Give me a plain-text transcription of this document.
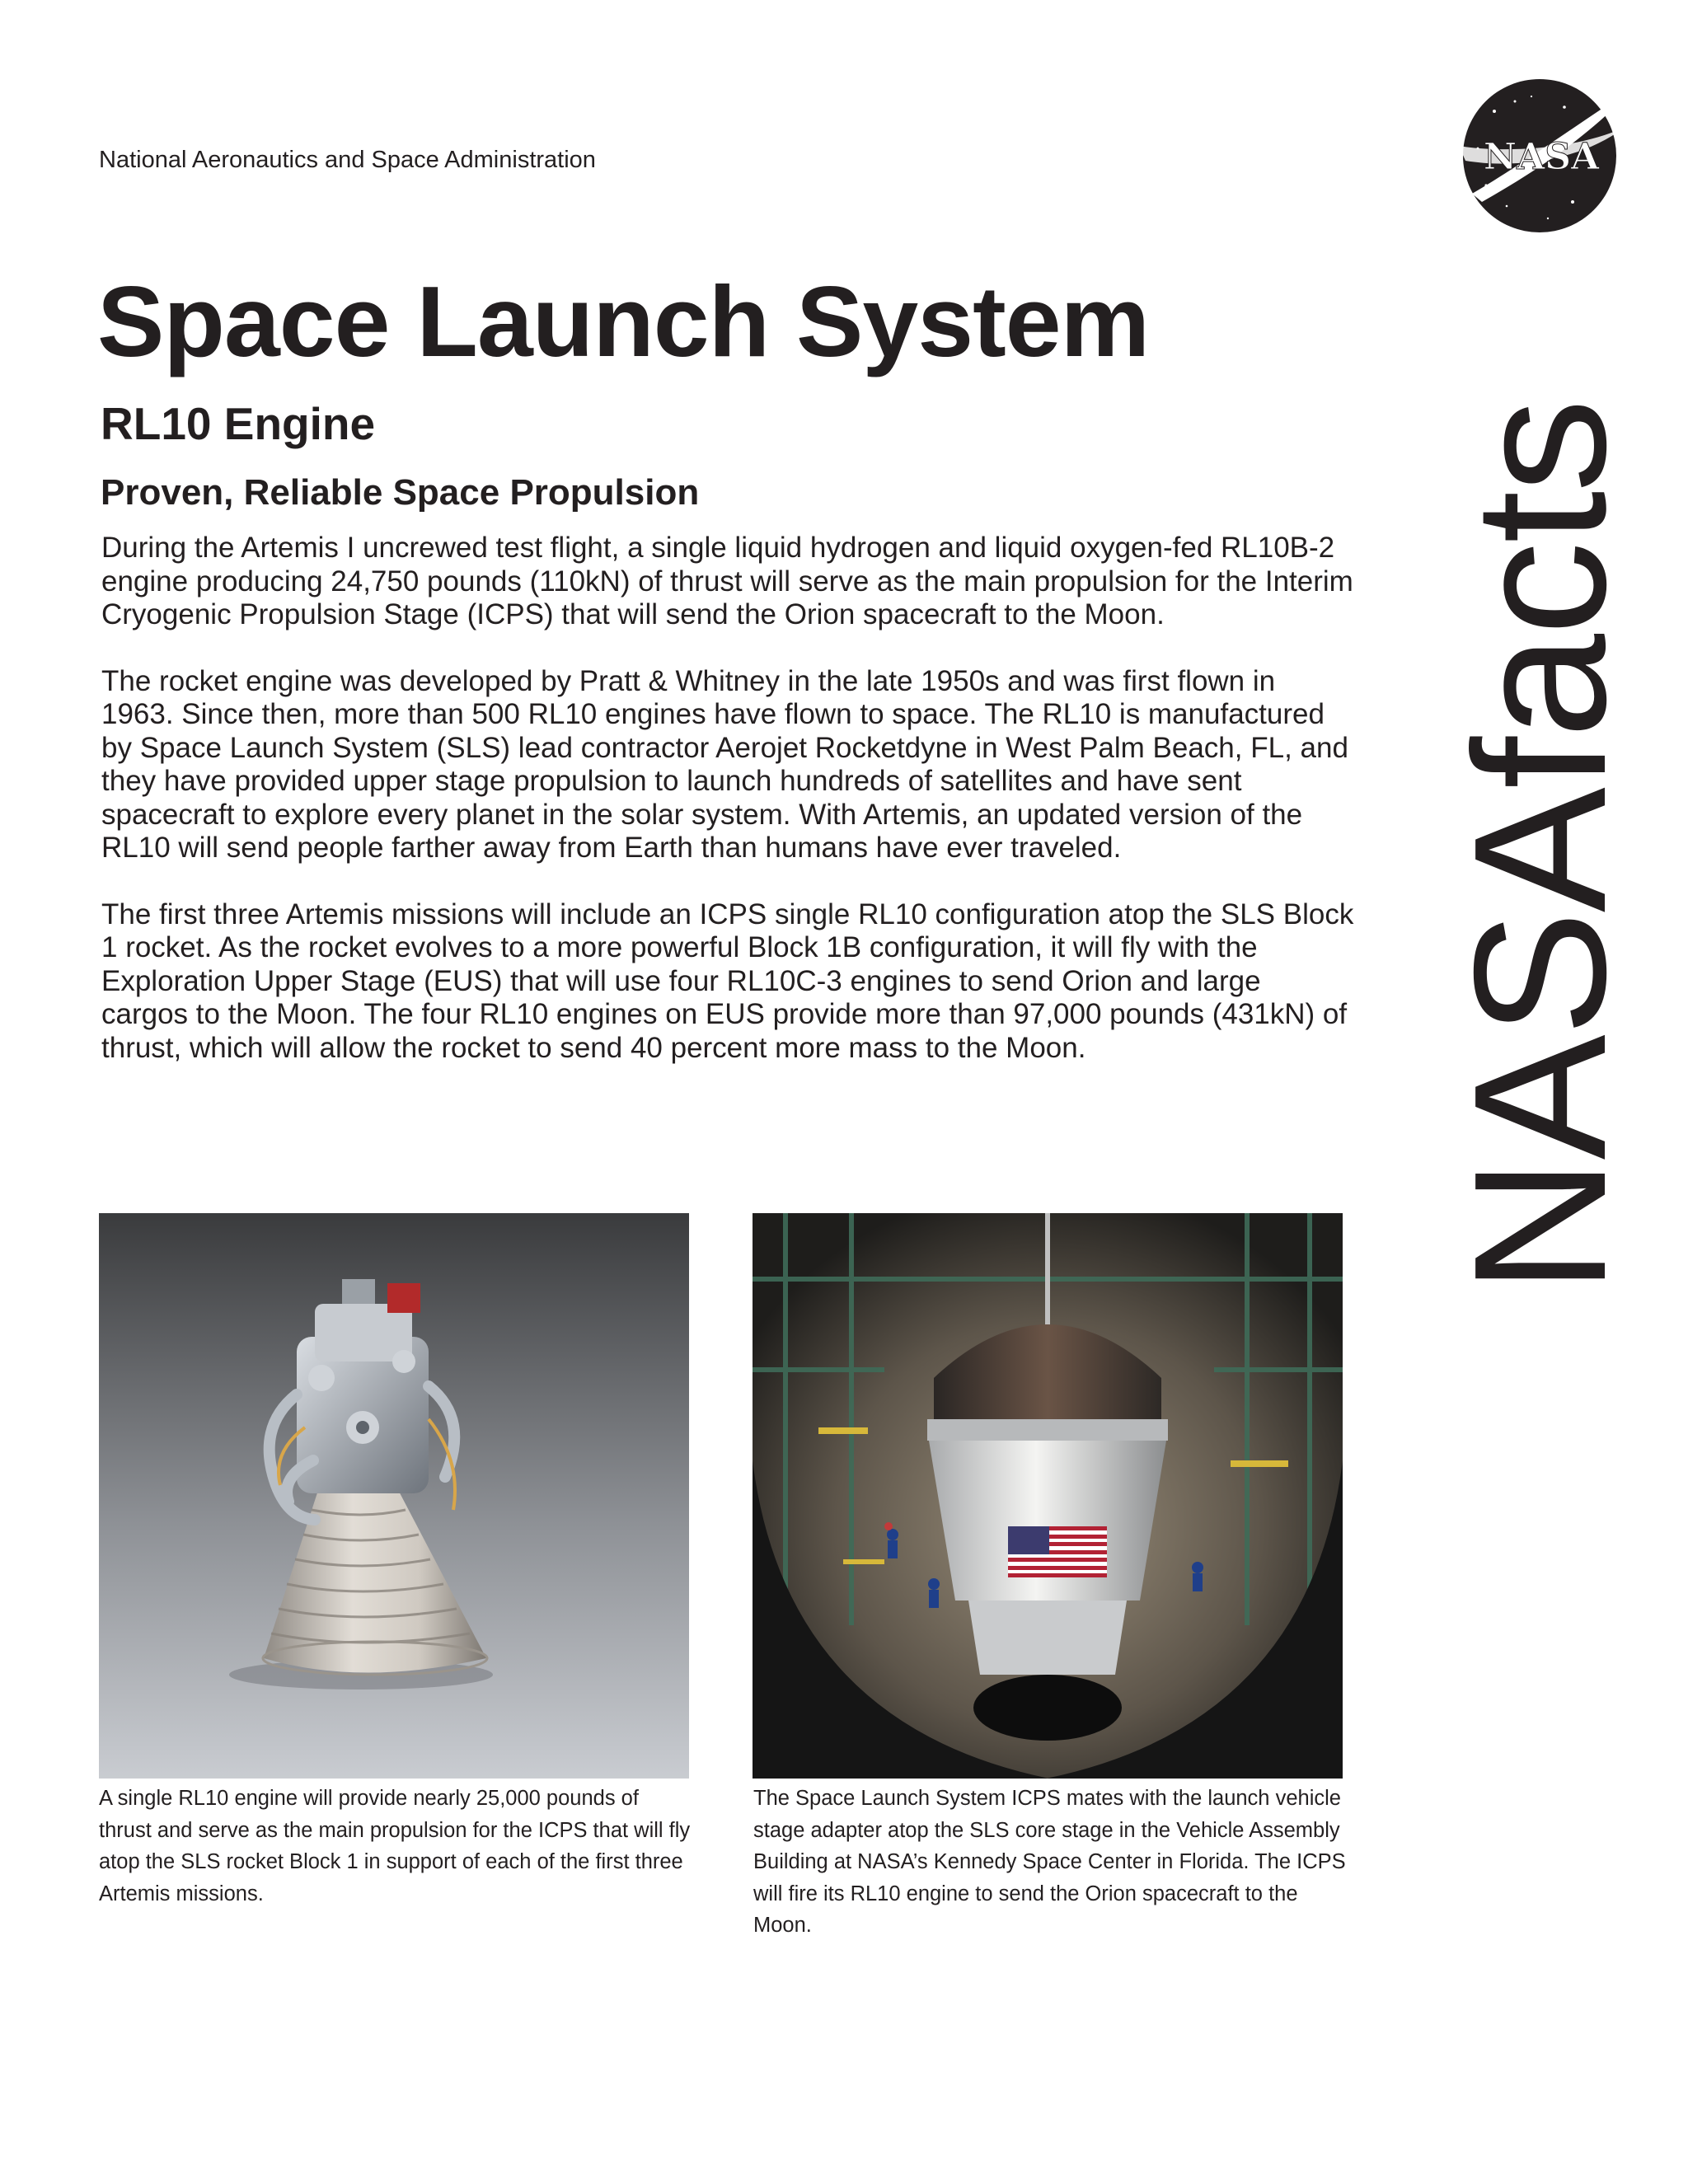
National Aeronautics and Space Administration	NASA
Space Launch System
RL10 Engine
Proven, Reliable Space Propulsion

During the Artemis I uncrewed test flight, a single liquid hydrogen and liquid oxygen-fed RL10B-2 engine producing 24,750 pounds (110kN) of thrust will serve as the main propulsion for the Interim Cryogenic Propulsion Stage (ICPS) that will send the Orion spacecraft to the Moon.

The rocket engine was developed by Pratt & Whitney in the late 1950s and was first flown in 1963. Since then, more than 500 RL10 engines have flown to space. The RL10 is manufactured by Space Launch System (SLS) lead contractor Aerojet Rocketdyne in West Palm Beach, FL, and they have provided upper stage propulsion to launch hundreds of satellites and have sent spacecraft to explore every planet in the solar system. With Artemis, an updated version of the RL10 will send people farther away from Earth than humans have ever traveled.

The first three Artemis missions will include an ICPS single RL10 configuration atop the SLS Block 1 rocket. As the rocket evolves to a more powerful Block 1B configuration, it will fly with the Exploration Upper Stage (EUS) that will use four RL10C-3 engines to send Orion and large cargos to the Moon. The four RL10 engines on EUS provide more than 97,000 pounds (431kN) of thrust, which will allow the rocket to send 40 percent more mass to the Moon.	NASAfacts
A single RL10 engine will provide nearly 25,000 pounds of thrust and serve as the main propulsion for the ICPS that will fly atop the SLS rocket Block 1 in support of each of the first three Artemis missions.
The Space Launch System ICPS mates with the launch vehicle stage adapter atop the SLS core stage in the Vehicle Assembly Building at NASA’s Kennedy Space Center in Florida. The ICPS will fire its RL10 engine to send the Orion spacecraft to the Moon.
